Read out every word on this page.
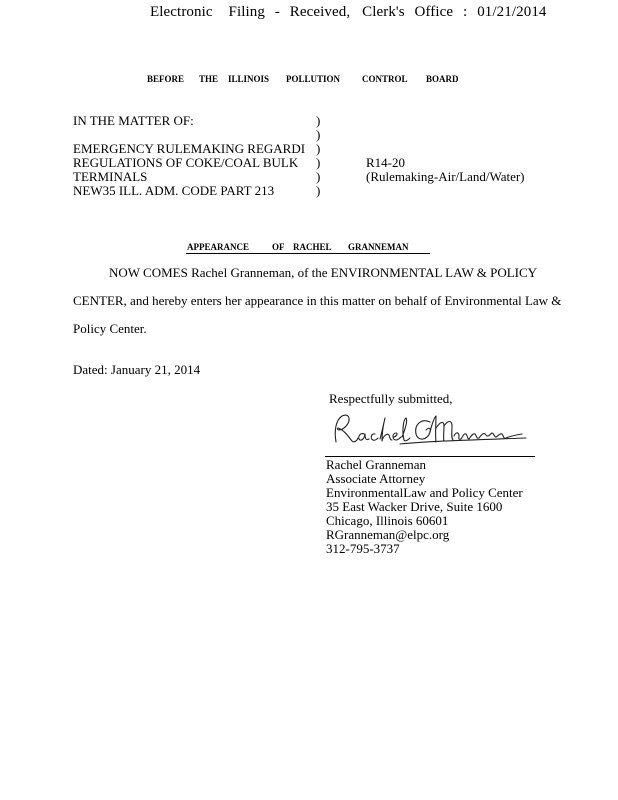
Electronic Filing - Received, Clerk's Office : 01/21/2014
BEFORE THE ILLINOIS POLLUTION CONTROL BOARD
IN THE MATTER OF:
EMERGENCY RULEMAKING REGARDI
REGULATIONS OF COKE/COAL BULK
TERMINALS
NEW35 ILL. ADM. CODE PART 213
)
)
)
)
)
)
R14-20
(Rulemaking-Air/Land/Water)
APPEARANCE	OF RACHEL GRANNEMAN
NOW COMES Rachel Granneman, of the ENVIRONMENTAL LAW & POLICY
CENTER, and hereby enters her appearance in this matter on behalf of Environmental Law &
Policy Center.
Dated: January 21, 2014
Respectfully submitted,
Rachel Granneman
Associate Attorney
EnvironmentalLaw and Policy Center
35 East Wacker Drive, Suite 1600
Chicago, Illinois 60601
RGranneman@elpc.org
312-795-3737
